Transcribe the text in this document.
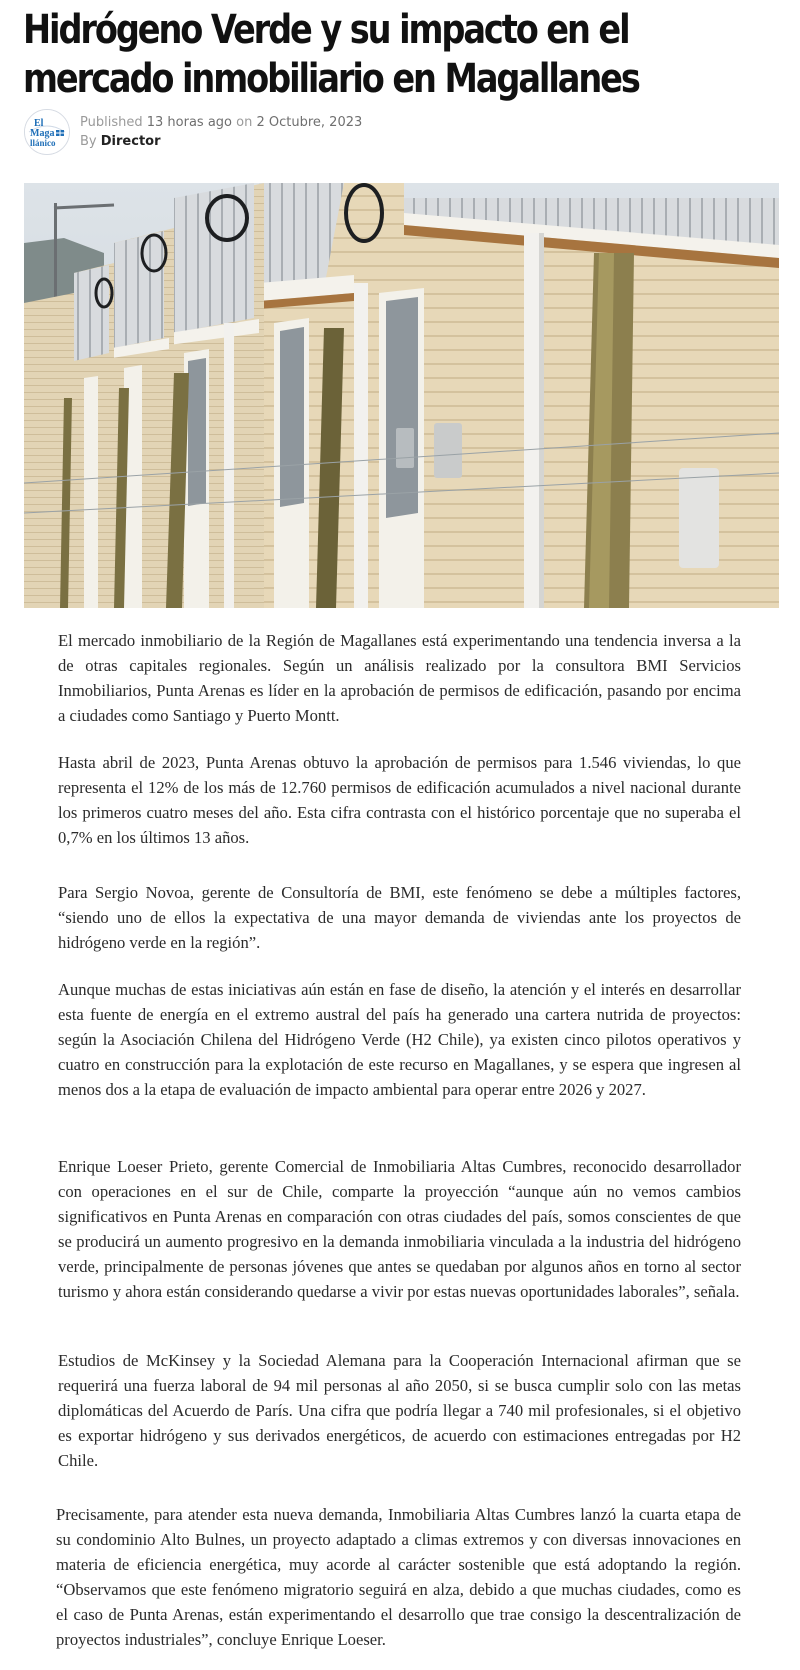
Hidrógeno Verde y su impacto en el mercado inmobiliario en Magallanes
El
Maga
llánico
Published 13 horas ago on 2 Octubre, 2023
By Director

El mercado inmobiliario de la Región de Magallanes está experimentando una tendencia inversa a la de otras capitales regionales. Según un análisis realizado por la consultora BMI Servicios Inmobiliarios, Punta Arenas es líder en la aprobación de permisos de edificación, pasando por encima a ciudades como Santiago y Puerto Montt.

Hasta abril de 2023, Punta Arenas obtuvo la aprobación de permisos para 1.546 viviendas, lo que representa el 12% de los más de 12.760 permisos de edificación acumulados a nivel nacional durante los primeros cuatro meses del año. Esta cifra contrasta con el histórico porcentaje que no superaba el 0,7% en los últimos 13 años.

Para Sergio Novoa, gerente de Consultoría de BMI, este fenómeno se debe a múltiples factores, “siendo uno de ellos la expectativa de una mayor demanda de viviendas ante los proyectos de hidrógeno verde en la región”.

Aunque muchas de estas iniciativas aún están en fase de diseño, la atención y el interés en desarrollar esta fuente de energía en el extremo austral del país ha generado una cartera nutrida de proyectos: según la Asociación Chilena del Hidrógeno Verde (H2 Chile), ya existen cinco pilotos operativos y cuatro en construcción para la explotación de este recurso en Magallanes, y se espera que ingresen al menos dos a la etapa de evaluación de impacto ambiental para operar entre 2026 y 2027.

Enrique Loeser Prieto, gerente Comercial de Inmobiliaria Altas Cumbres, reconocido desarrollador con operaciones en el sur de Chile, comparte la proyección “aunque aún no vemos cambios significativos en Punta Arenas en comparación con otras ciudades del país, somos conscientes de que se producirá un aumento progresivo en la demanda inmobiliaria vinculada a la industria del hidrógeno verde, principalmente de personas jóvenes que antes se quedaban por algunos años en torno al sector turismo y ahora están considerando quedarse a vivir por estas nuevas oportunidades laborales”, señala.

Estudios de McKinsey y la Sociedad Alemana para la Cooperación Internacional afirman que se requerirá una fuerza laboral de 94 mil personas al año 2050, si se busca cumplir solo con las metas diplomáticas del Acuerdo de París. Una cifra que podría llegar a 740 mil profesionales, si el objetivo es exportar hidrógeno y sus derivados energéticos, de acuerdo con estimaciones entregadas por H2 Chile.

Precisamente, para atender esta nueva demanda, Inmobiliaria Altas Cumbres lanzó la cuarta etapa de su condominio Alto Bulnes, un proyecto adaptado a climas extremos y con diversas innovaciones en materia de eficiencia energética, muy acorde al carácter sostenible que está adoptando la región. “Observamos que este fenómeno migratorio seguirá en alza, debido a que muchas ciudades, como es el caso de Punta Arenas, están experimentando el desarrollo que trae consigo la descentralización de proyectos industriales”, concluye Enrique Loeser.
